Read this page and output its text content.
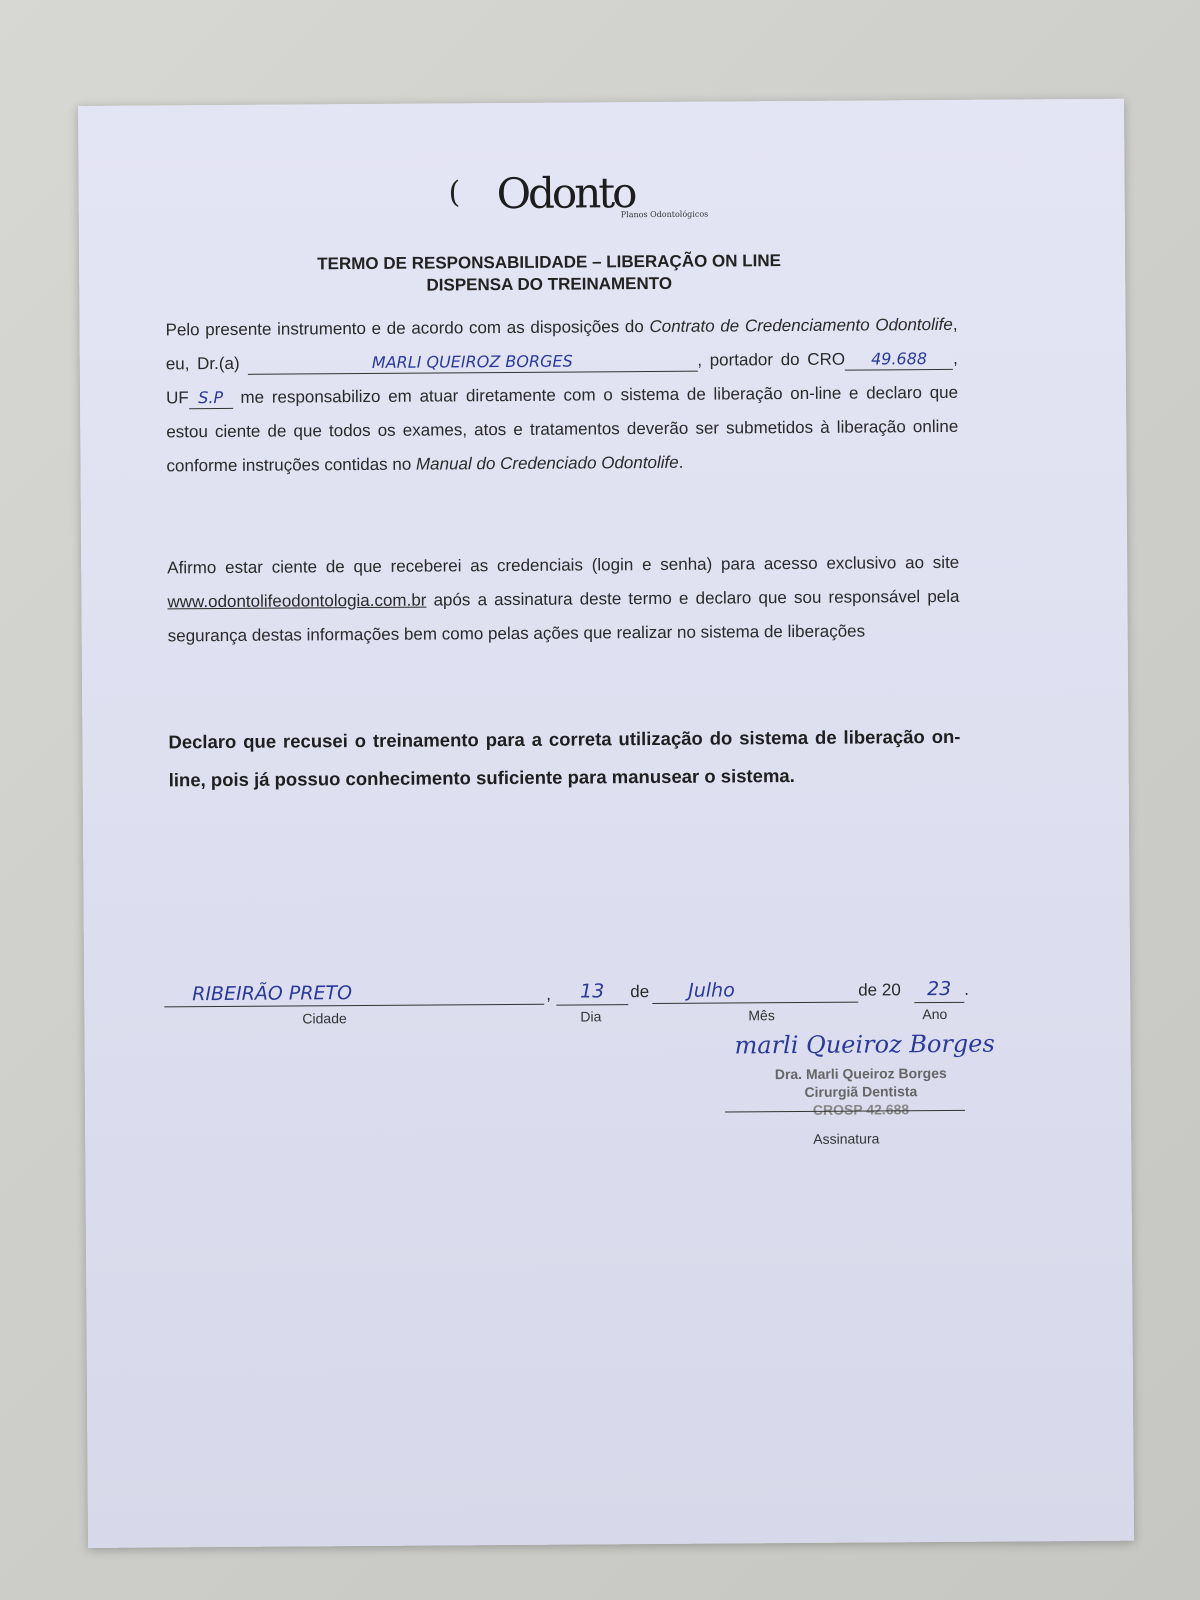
( Odonto
Planos Odontológicos
TERMO DE RESPONSABILIDADE – LIBERAÇÃO ON LINE
DISPENSA DO TREINAMENTO
Pelo presente instrumento e de acordo com as disposições do Contrato de Credenciamento Odontolife, eu, Dr.(a)	MARLI QUEIROZ BORGES	, portador do CRO 49.688 , UF S.P me responsabilizo em atuar diretamente com o sistema de liberação on-line e declaro que estou ciente de que todos os exames, atos e tratamentos deverão ser submetidos à liberação online conforme instruções contidas no Manual do Credenciado Odontolife.
Afirmo estar ciente de que receberei as credenciais (login e senha) para acesso exclusivo ao site www.odontolifeodontologia.com.br após a assinatura deste termo e declaro que sou responsável pela segurança destas informações bem como pelas ações que realizar no sistema de liberações
Declaro que recusei o treinamento para a correta utilização do sistema de liberação on-line, pois já possuo conhecimento suficiente para manusear o sistema.
RIBEIRÃO PRETO	,
Cidade
13	de
Dia
Julho
Mês
de 20	23 .
Ano
marli Queiroz Borges
Dra. Marli Queiroz Borges
Cirurgiã Dentista
CROSP 42.688
Assinatura
